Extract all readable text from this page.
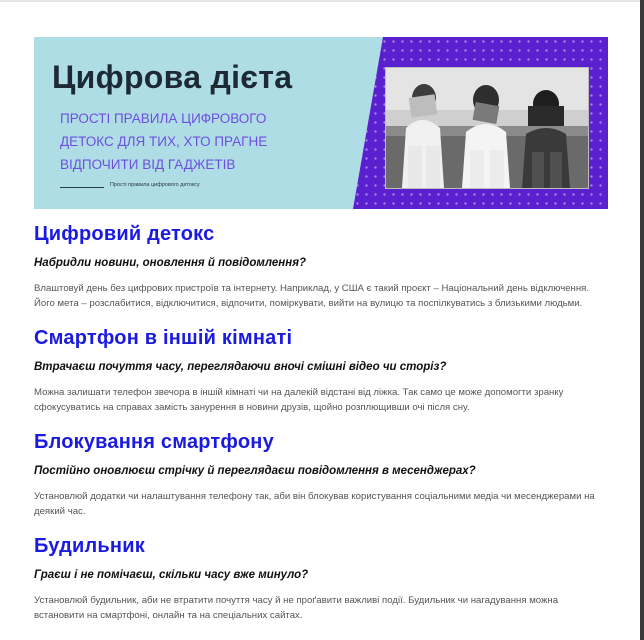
Цифрова дієта
ПРОСТІ ПРАВИЛА ЦИФРОВОГО ДЕТОКС ДЛЯ ТИХ, ХТО ПРАГНЕ ВІДПОЧИТИ ВІД ГАДЖЕТІВ
Прості правила цифрового детоксу
Цифровий детокс

Набридли новини, оновлення й повідомлення?

Влаштовуй день без цифрових пристроїв та інтернету. Наприклад, у США є такий проєкт – Національний день відключення. Його мета – розслабитися, відключитися, відпочити, поміркувати, вийти на вулицю та поспілкуватись з близькими людьми.

Смартфон в іншій кімнаті

Втрачаєш почуття часу, переглядаючи вночі смішні відео чи сторіз?

Можна залишати телефон звечора в іншій кімнаті чи на далекій відстані від ліжка. Так само це може допомогти зранку сфокусуватись на справах замість занурення в новини друзів, щойно розплющивши очі після сну.

Блокування смартфону

Постійно оновлюєш стрічку й переглядаєш повідомлення в месенджерах?

Установлюй додатки чи налаштування телефону так, аби він блокував користування соціальними медіа чи месенджерами на деякий час.

Будильник

Граєш і не помічаєш, скільки часу вже минуло?

Установлюй будильник, аби не втратити почуття часу й не проґавити важливі події. Будильник чи нагадування можна встановити на смартфоні, онлайн та на спеціальних сайтах.
